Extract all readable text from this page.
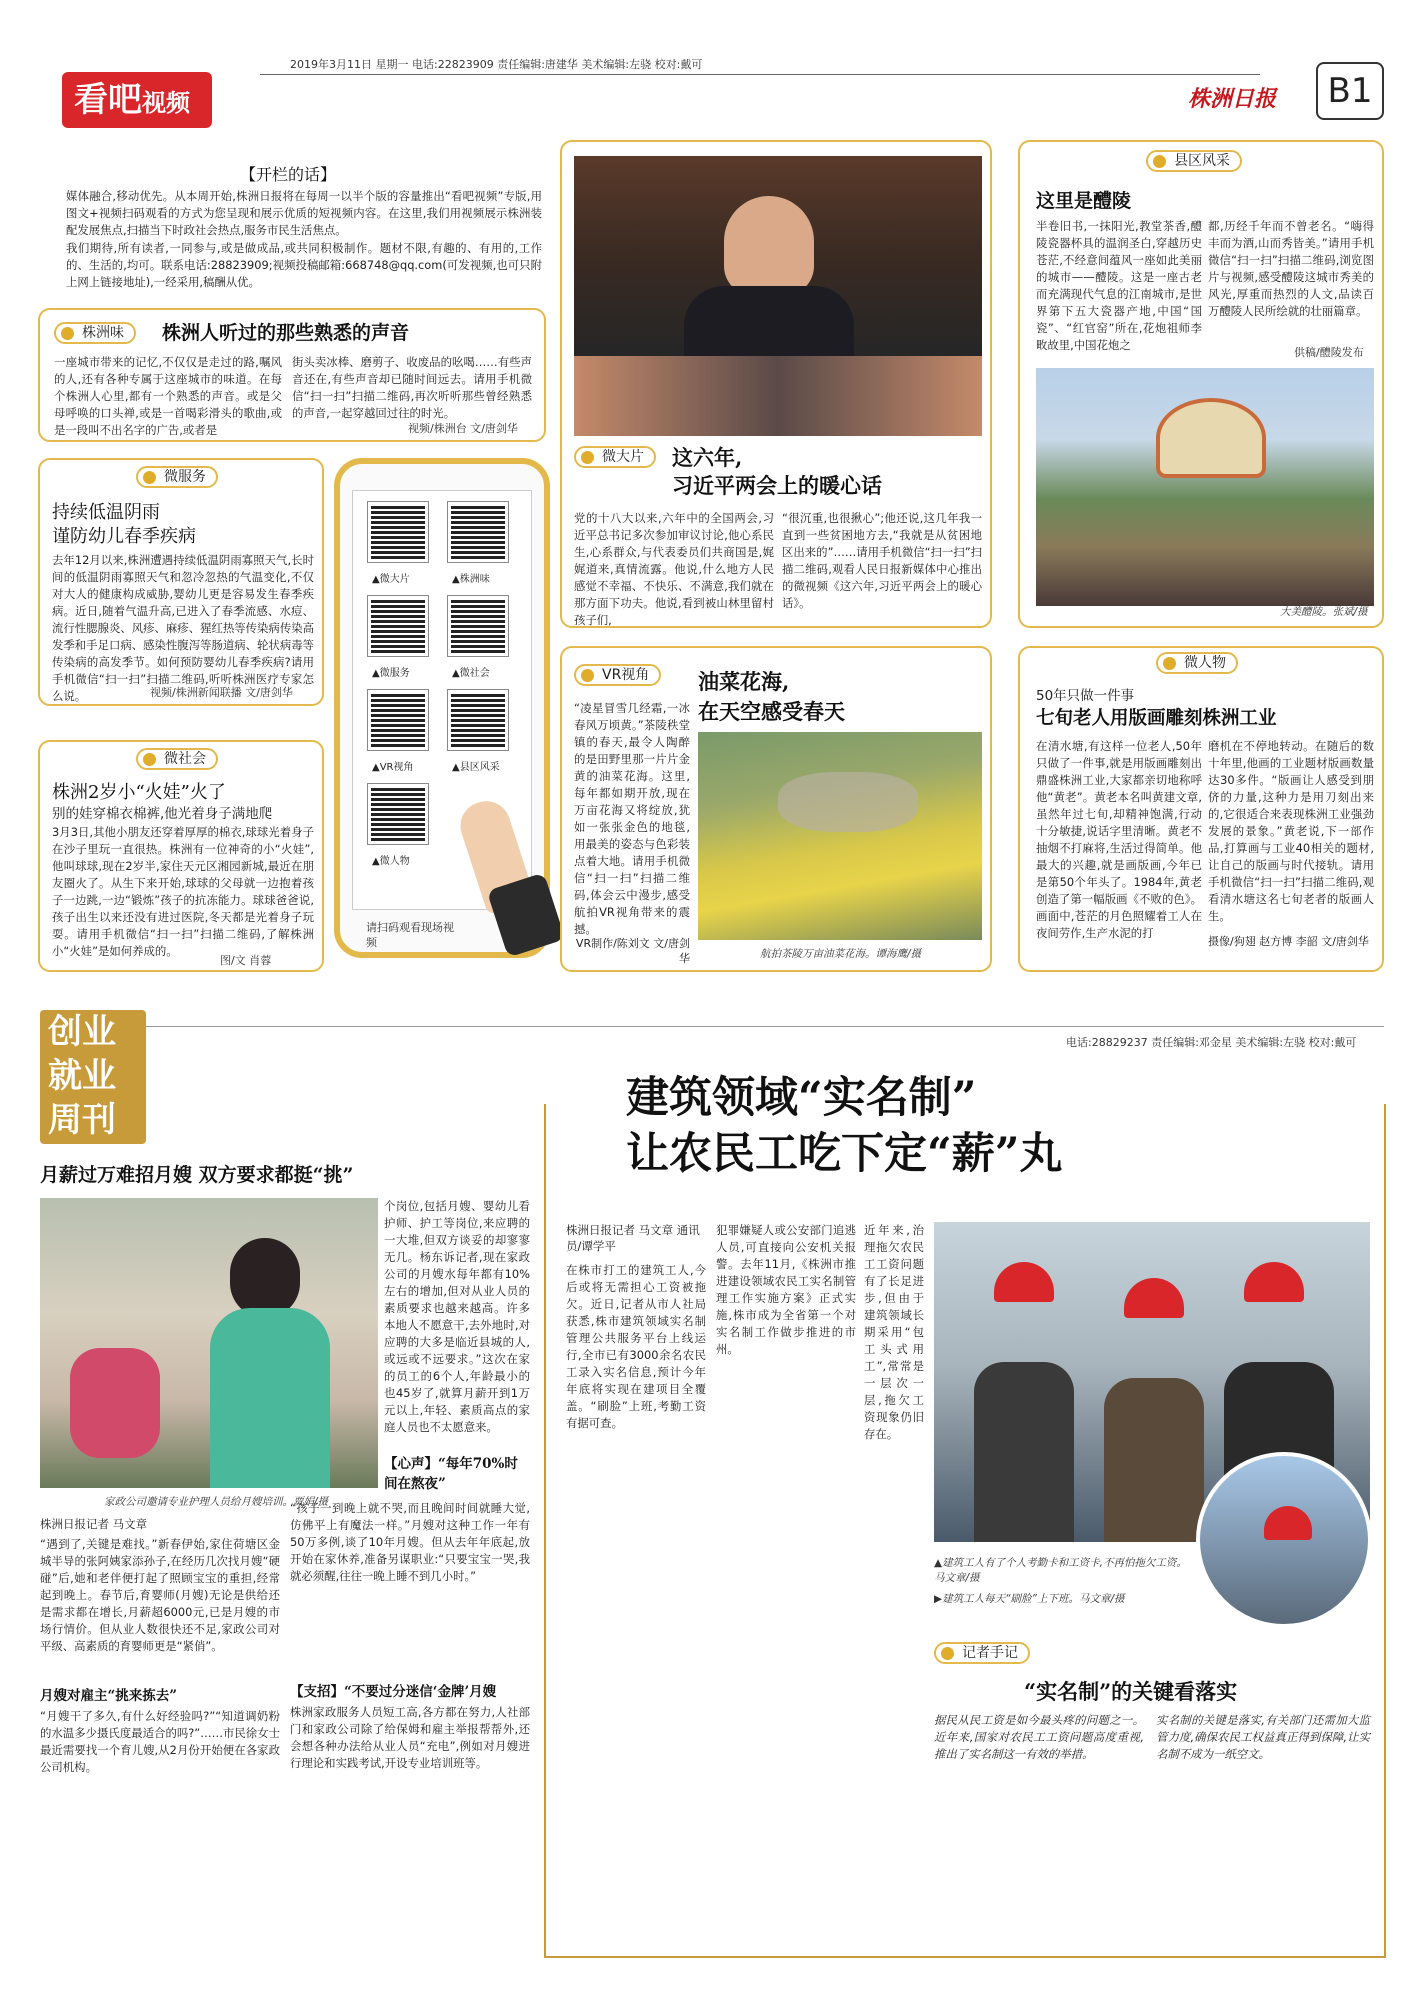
2019年3月11日 星期一 电话:22823909 责任编辑:唐建华 美术编辑:左骁 校对:戴可
看吧视频	株洲日报	B1
【开栏的话】
媒体融合,移动优先。从本周开始,株洲日报将在每周一以半个版的容量推出“看吧视频”专版,用图文+视频扫码观看的方式为您呈现和展示优质的短视频内容。在这里,我们用视频展示株洲装配发展焦点,扫描当下时政社会热点,服务市民生活焦点。
我们期待,所有读者,一同参与,或是做成品,或共同积极制作。题材不限,有趣的、有用的,工作的、生活的,均可。联系电话:28823909;视频投稿邮箱:668748@qq.com(可发视频,也可只附上网上链接地址),一经采用,稿酬从优。
株洲味	株洲人听过的那些熟悉的声音
一座城市带来的记忆,不仅仅是走过的路,嘱风的人,还有各种专属于这座城市的味道。在每个株洲人心里,都有一个熟悉的声音。或是父母呼唤的口头禅,或是一首喝彩滑头的歌曲,或是一段叫不出名字的广告,或者是
街头卖冰棒、磨剪子、收废品的吆喝……有些声音还在,有些声音却已随时间远去。请用手机微信“扫一扫”扫描二维码,再次听听那些曾经熟悉的声音,一起穿越回过往的时光。
视频/株洲台 文/唐剑华
微服务
持续低温阴雨
谨防幼儿春季疾病
去年12月以来,株洲遭遇持续低温阴雨寡照天气,长时间的低温阴雨寡照天气和忽冷忽热的气温变化,不仅对大人的健康构成威胁,婴幼儿更是容易发生春季疾病。近日,随着气温升高,已进入了春季流感、水痘、流行性腮腺炎、风疹、麻疹、猩红热等传染病传染高发季和手足口病、感染性腹泻等肠道病、轮状病毒等传染病的高发季节。如何预防婴幼儿春季疾病?请用手机微信“扫一扫”扫描二维码,听听株洲医疗专家怎么说。	视频/株洲新闻联播 文/唐剑华
微社会
株洲2岁小“火娃”火了
别的娃穿棉衣棉裤,他光着身子满地爬
3月3日,其他小朋友还穿着厚厚的棉衣,球球光着身子在沙子里玩一直很热。株洲有一位神奇的小“火娃”,他叫球球,现在2岁半,家住天元区湘园新城,最近在朋友圈火了。从生下来开始,球球的父母就一边抱着孩子一边跳,一边“锻炼”孩子的抗冻能力。球球爸爸说,孩子出生以来还没有进过医院,冬天都是光着身子玩耍。请用手机微信“扫一扫”扫描二维码,了解株洲小“火娃”是如何养成的。
图/文 肖蓉
▲微大片	▲株洲味
▲微服务	▲微社会
▲VR视角	▲县区风采
▲微人物
请扫码观看现场视频
微大片	这六年,
习近平两会上的暖心话
党的十八大以来,六年中的全国两会,习近平总书记多次参加审议讨论,他心系民生,心系群众,与代表委员们共商国是,娓娓道来,真情流露。他说,什么地方人民感觉不幸福、不快乐、不满意,我们就在那方面下功夫。他说,看到被山林里留村孩子们,
“很沉重,也很揪心”;他还说,这几年我一直到一些贫困地方去,“我就是从贫困地区出来的”……请用手机微信“扫一扫”扫描二维码,观看人民日报新媒体中心推出的微视频《这六年,习近平两会上的暖心话》。
VR视角	油菜花海,
在天空感受春天
“凌星冒雪几经霜,一冰春风万顷黄。”茶陵秩堂镇的春天,最令人陶醉的是田野里那一片片金黄的油菜花海。这里,每年都如期开放,现在万亩花海又将绽放,犹如一张张金色的地毯,用最美的姿态与色彩装点着大地。请用手机微信“扫一扫”扫描二维码,体会云中漫步,感受航拍VR视角带来的震撼。
VR制作/陈刘文 文/唐剑华	航拍茶陵万亩油菜花海。谭海鹰/摄
县区风采
这里是醴陵
半卷旧书,一抹阳光,教堂茶香,醴陵瓷器杯具的温润圣白,穿越历史苍茫,不经意间蕴风一座如此美丽的城市——醴陵。这是一座古老而充满现代气息的江南城市,是世界第下五大瓷器产地,中国“国瓷”、“红官窑”所在,花炮祖师李畋故里,中国花炮之
都,历经千年而不曾老名。“嗨得丰而为酒,山而秀皆美。”请用手机微信“扫一扫”扫描二维码,浏览图片与视频,感受醴陵这城市秀美的风光,厚重而热烈的人文,品读百万醴陵人民所绘就的壮丽篇章。
供稿/醴陵发布
大美醴陵。张斌/摄
微人物
50年只做一件事
七旬老人用版画雕刻株洲工业
在清水塘,有这样一位老人,50年只做了一件事,就是用版画雕刻出鼎盛株洲工业,大家都亲切地称呼他“黄老”。黄老本名叫黄建文章,虽然年过七旬,却精神饱满,行动十分敏捷,说话字里清晰。黄老不抽烟不打麻将,生活过得简单。他最大的兴趣,就是画版画,今年已是第50个年头了。1984年,黄老创造了第一幅版画《不败的色》。画面中,苍茫的月色照耀着工人在夜间劳作,生产水泥的打
磨机在不停地转动。在随后的数十年里,他画的工业题材版画数量达30多件。“版画让人感受到朋侪的力量,这种力是用刀刻出来的,它很适合来表现株洲工业强劲发展的景象。”黄老说,下一部作品,打算画与工业40相关的题材,让自己的版画与时代接轨。请用手机微信“扫一扫”扫描二维码,观看清水塘这名七旬老者的版画人生。
摄像/狗翅 赵方博 李韶 文/唐剑华
电话:28829237 责任编辑:邓金星 美术编辑:左骁 校对:戴可
创业
就业
周刊
月薪过万难招月嫂 双方要求都挺“挑”
家政公司邀请专业护理人员给月嫂培训。贾娟/摄
个岗位,包括月嫂、婴幼儿看护师、护工等岗位,来应聘的一大堆,但双方谈妥的却寥寥无几。杨东诉记者,现在家政公司的月嫂水每年都有10%左右的增加,但对从业人员的素质要求也越来越高。许多本地人不愿意干,去外地时,对应聘的大多是临近县城的人,或远或不远要求。”这次在家的员工的6个人,年龄最小的也45岁了,就算月薪开到1万元以上,年轻、素质高点的家庭人员也不太愿意来。
【心声】“每年70%时间在熬夜”
株洲日报记者 马文章
“遇到了,关键是难找。”新春伊始,家住荷塘区金城半导的张阿姨家添孙子,在经历几次找月嫂“硬碰”后,她和老伴便打起了照顾宝宝的重担,经常起到晚上。春节后,育婴师(月嫂)无论是供给还是需求都在增长,月薪超6000元,已是月嫂的市场行情价。但从业人数很快还不足,家政公司对平级、高素质的育婴师更是“紧俏”。
月嫂对雇主“挑来拣去”
“月嫂干了多久,有什么好经验吗?”“知道调奶粉的水温多少摄氏度最适合的吗?”……市民徐女士最近需要找一个育儿嫂,从2月份开始便在各家政公司机构。
“孩子一到晚上就不哭,而且晚间时间就睡大觉,仿佛平上有魔法一样。”月嫂对这种工作一年有50万多例,谈了10年月嫂。但从去年年底起,放开始在家休养,准备另谋职业:“只要宝宝一哭,我就必须醒,往往一晚上睡不到几小时。”
【支招】“不要过分迷信‘金牌’月嫂
株洲家政服务人员短工高,各方都在努力,人社部门和家政公司除了给保姆和雇主举报帮帮外,还会想各种办法给从业人员“充电”,例如对月嫂进行理论和实践考试,开设专业培训班等。
建筑领域“实名制”
让农民工吃下定“薪”丸
株洲日报记者 马文章 通讯员/谭学平
在株市打工的建筑工人,今后或将无需担心工资被拖欠。近日,记者从市人社局获悉,株市建筑领域实名制管理公共服务平台上线运行,全市已有3000余名农民工录入实名信息,预计今年年底将实现在建项目全覆盖。“刷脸”上班,考勤工资有据可查。
犯罪嫌疑人或公安部门追逃人员,可直接向公安机关报警。去年11月,《株洲市推进建设领域农民工实名制管理工作实施方案》正式实施,株市成为全省第一个对实名制工作做步推进的市州。
近年来,治理拖欠农民工工资问题有了长足进步,但由于建筑领域长期采用“包工头式用工”,常常是一层次一层,拖欠工资现象仍旧存在。
▲建筑工人有了个人考勤卡和工资卡,不再怕拖欠工资。马文章/摄
▶建筑工人每天“刷脸”上下班。马文章/摄
记者手记
“实名制”的关键看落实
据民从民工资是如今最头疼的问题之一。近年来,国家对农民工工资问题高度重视,推出了实名制这一有效的举措。
实名制的关键是落实,有关部门还需加大监管力度,确保农民工权益真正得到保障,让实名制不成为一纸空文。
